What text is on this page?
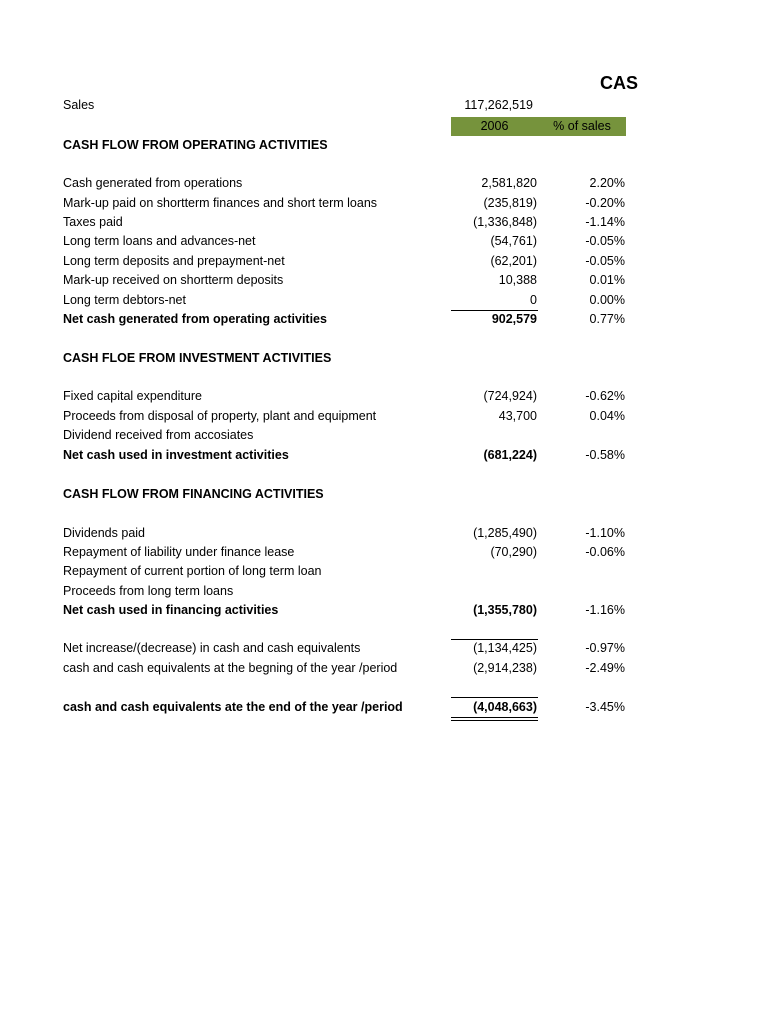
CAS
Sales	117,262,519
2006	% of sales
CASH FLOW FROM OPERATING ACTIVITIES
Cash generated from operations	2,581,820	2.20%
Mark-up paid on shortterm finances and short term loans	(235,819)	-0.20%
Taxes paid	(1,336,848)	-1.14%
Long term loans and advances-net	(54,761)	-0.05%
Long term deposits and prepayment-net	(62,201)	-0.05%
Mark-up received on shortterm deposits	10,388	0.01%
Long term debtors-net	0	0.00%
Net cash generated from operating activities	902,579	0.77%
CASH FLOE FROM INVESTMENT ACTIVITIES
Fixed capital expenditure	(724,924)	-0.62%
Proceeds from disposal of property, plant and equipment	43,700	0.04%
Dividend received from accosiates
Net cash used in investment activities	(681,224)	-0.58%
CASH FLOW FROM FINANCING ACTIVITIES
Dividends paid	(1,285,490)	-1.10%
Repayment of liability under finance lease	(70,290)	-0.06%
Repayment of current portion of long term loan
Proceeds from long term loans
Net cash used in financing activities	(1,355,780)	-1.16%
Net increase/(decrease) in cash and cash equivalents	(1,134,425)	-0.97%
cash and cash equivalents at the begning of the year /period	(2,914,238)	-2.49%
cash and cash equivalents ate the end of the year /period	(4,048,663)	-3.45%
